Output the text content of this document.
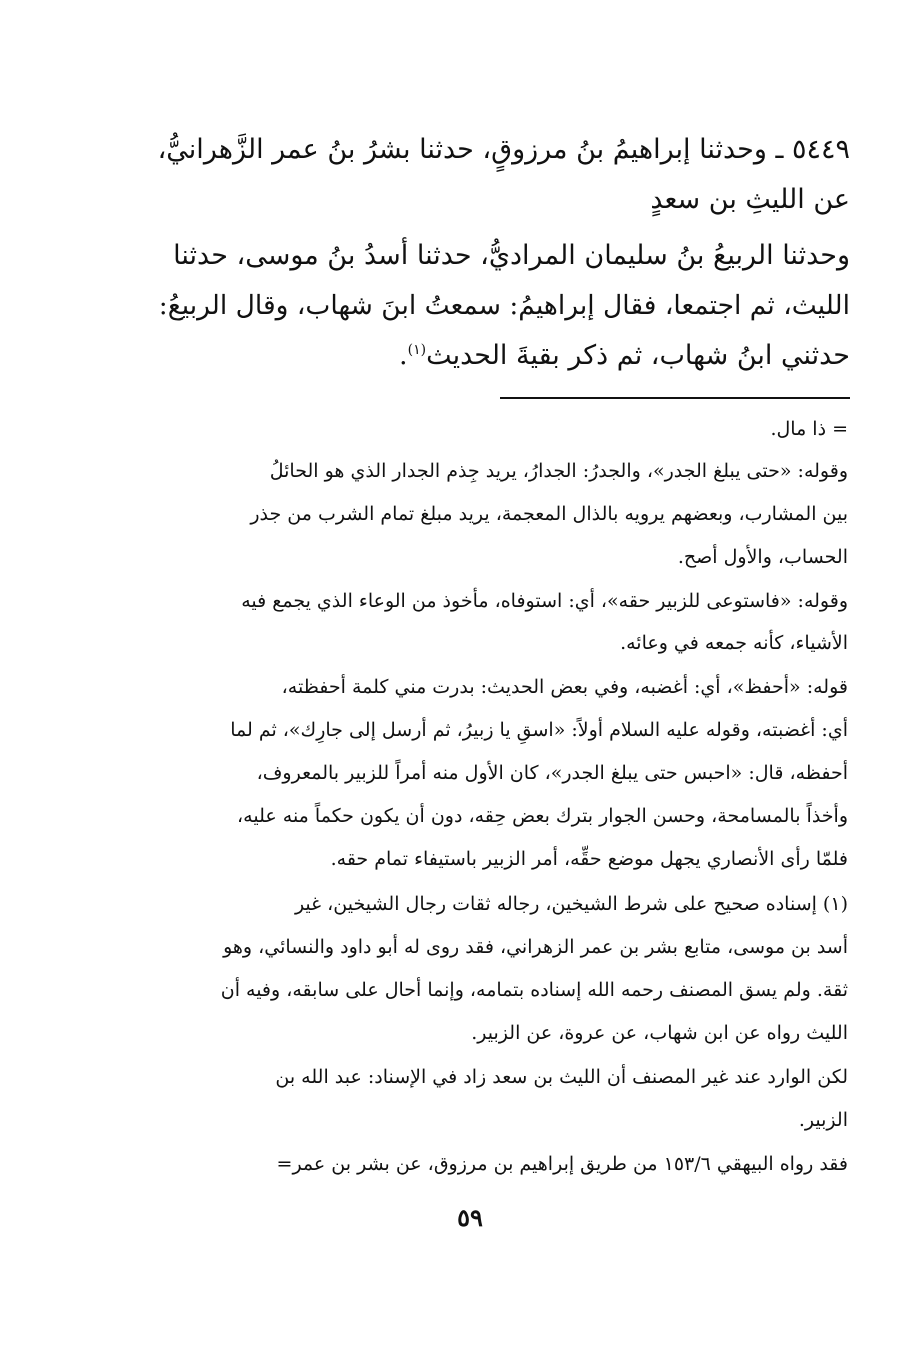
٥٤٤٩ ـ وحدثنا إبراهيمُ بنُ مرزوقٍ، حدثنا بشرُ بنُ عمر الزَّهرانيُّ،
عن الليثِ بن سعدٍ
وحدثنا الربيعُ بنُ سليمان المراديُّ، حدثنا أسدُ بنُ موسى، حدثنا
الليث، ثم اجتمعا، فقال إبراهيمُ: سمعتُ ابنَ شهاب، وقال الربيعُ:
حدثني ابنُ شهاب، ثم ذكر بقيةَ الحديث$^{(١)}$.
= ذا مال.
وقوله: «حتى يبلغ الجدر»، والجدرُ: الجدارُ، يريد جِذم الجدار الذي هو الحائلُ
بين المشارب، وبعضهم يرويه بالذال المعجمة، يريد مبلغ تمام الشرب من جذر
الحساب، والأول أصح.
وقوله: «فاستوعى للزبير حقه»، أي: استوفاه، مأخوذ من الوعاء الذي يجمع فيه
الأشياء، كأنه جمعه في وعائه.
قوله: «أحفظ»، أي: أغضبه، وفي بعض الحديث: بدرت مني كلمة أحفظته،
أي: أغضبته، وقوله عليه السلام أولاً: «اسقِ يا زبيرُ، ثم أرسل إلى جارِك»، ثم لما
أحفظه، قال: «احبس حتى يبلغ الجدر»، كان الأول منه أمراً للزبير بالمعروف،
وأخذاً بالمسامحة، وحسن الجوار بترك بعض حِقه، دون أن يكون حكماً منه عليه،
فلمّا رأى الأنصاري يجهل موضع حقِّه، أمر الزبير باستيفاء تمام حقه.
(١) إسناده صحيح على شرط الشيخين، رجاله ثقات رجال الشيخين، غير
أسد بن موسى، متابع بشر بن عمر الزهراني، فقد روى له أبو داود والنسائي، وهو
ثقة. ولم يسق المصنف رحمه الله إسناده بتمامه، وإنما أحال على سابقه، وفيه أن
الليث رواه عن ابن شهاب، عن عروة، عن الزبير.
لكن الوارد عند غير المصنف أن الليث بن سعد زاد في الإسناد: عبد الله بن
الزبير.
فقد رواه البيهقي ١٥٣/٦ من طريق إبراهيم بن مرزوق، عن بشر بن عمر=
٥٩
